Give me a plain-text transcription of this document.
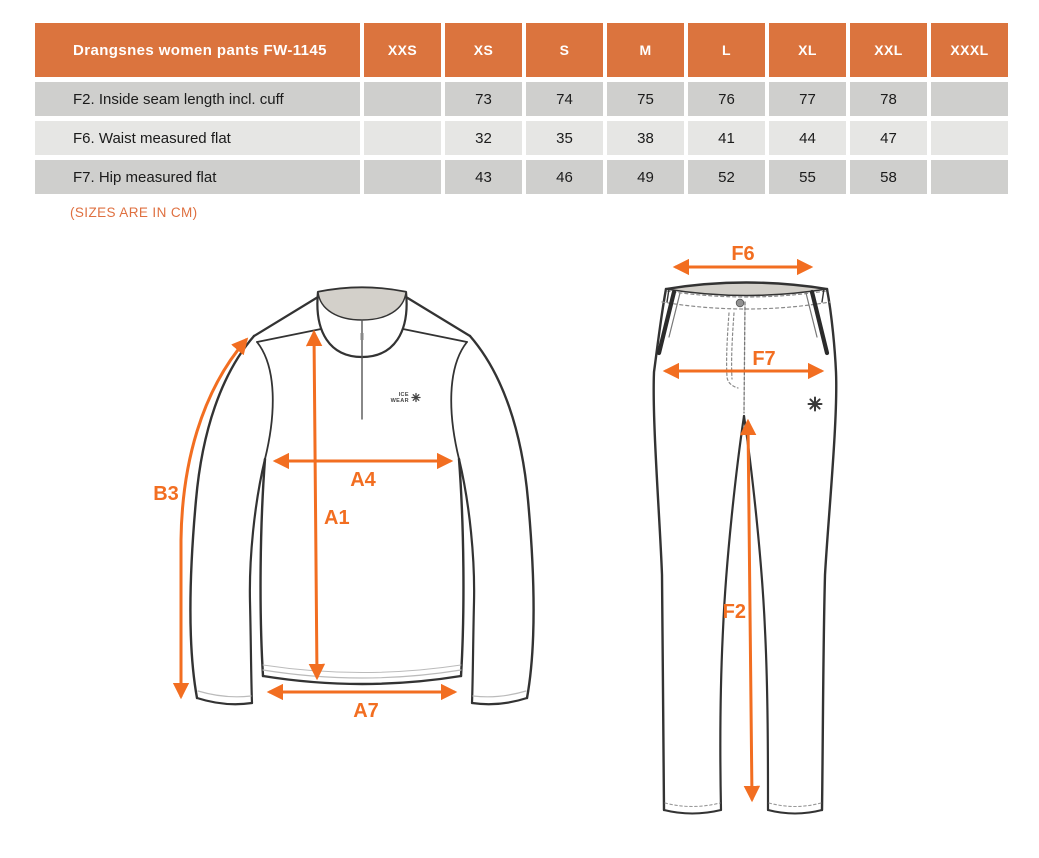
Drangsnes women pants FW-1145	XXS	XS	S	M	L	XL	XXL	XXXL
F2. Inside seam length incl. cuff		73	74	75	76	77	78	
F6. Waist measured flat		32	35	38	41	44	47	
F7. Hip measured flat		43	46	49	52	55	58	
(SIZES ARE IN CM)
ICE
WEAR
B3
A4
A1
A7
F6
F7
F2
